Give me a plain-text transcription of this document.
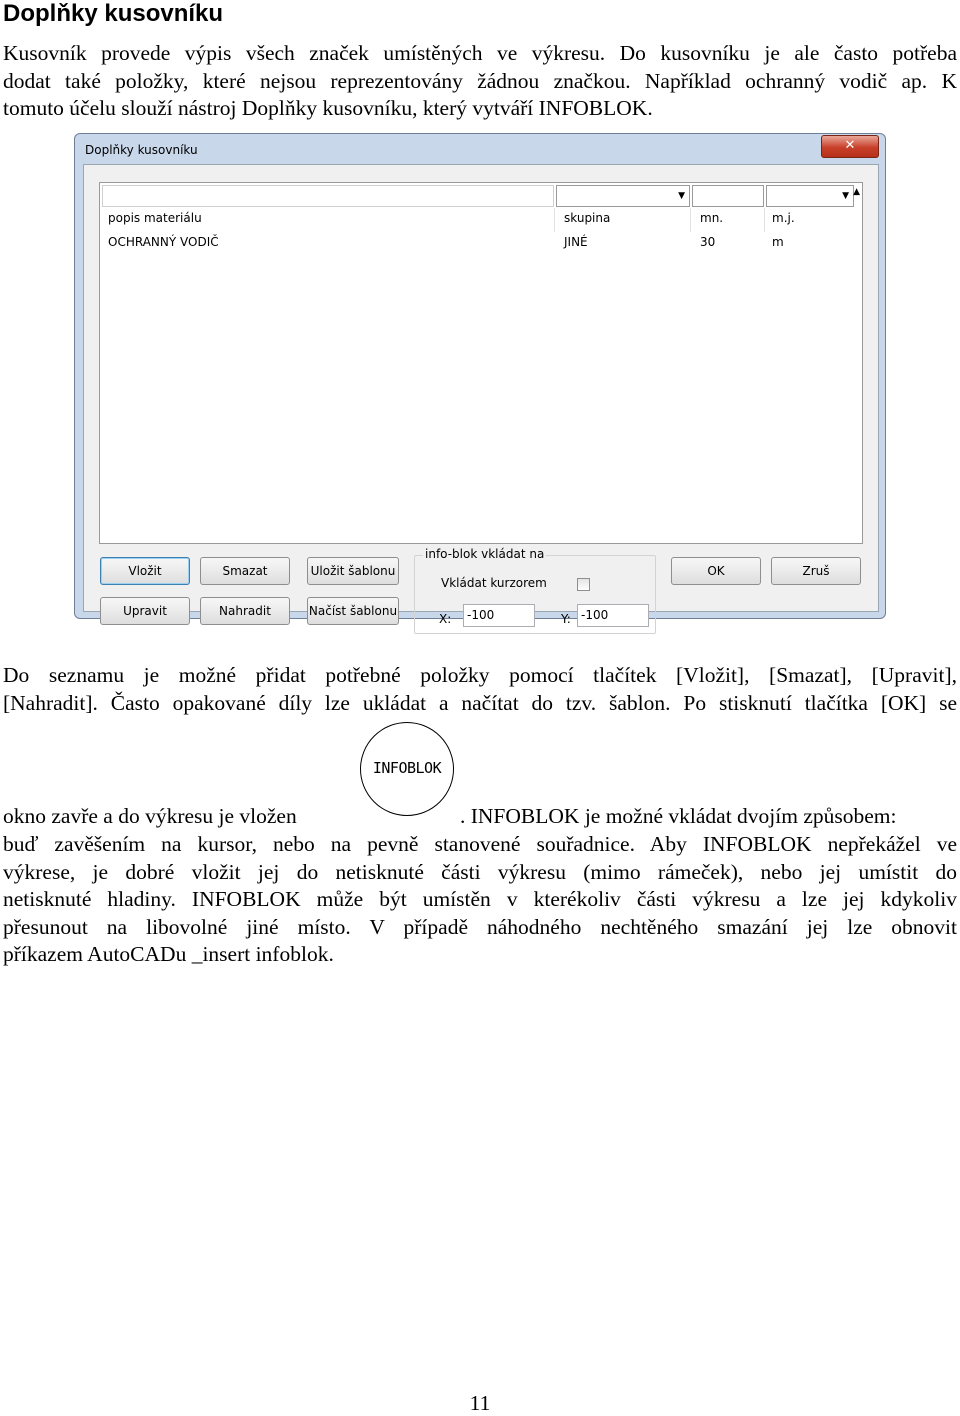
Doplňky kusovníku
Kusovník provede výpis všech značek umístěných ve výkresu. Do kusovníku je ale často potřeba
dodat také položky, které nejsou reprezentovány žádnou značkou. Například ochranný vodič ap. K
tomuto účelu slouží nástroj Doplňky kusovníku, který vytváří INFOBLOK.
Doplňky kusovníku	✕
▼	▼ ▲
popis materiálu	skupina	mn.	m.j.
OCHRANNÝ VODIČ	JINÉ	30	m
Vložit	Smazat	Uložit šablonu
Upravit	Nahradit	Načíst šablonu
OK	Zruš
info-blok vkládat na
Vkládat kurzorem
X:	-100	Y: -100
Do seznamu je možné přidat potřebné položky pomocí tlačítek [Vložit], [Smazat], [Upravit],
[Nahradit]. Často opakované díly lze ukládat a načítat do tzv. šablon. Po stisknutí tlačítka [OK] se
INFOBLOK
okno zavře a do výkresu je vložen	. INFOBLOK je možné vkládat dvojím způsobem:
buď zavěšením na kursor, nebo na pevně stanovené souřadnice. Aby INFOBLOK nepřekážel ve
výkrese, je dobré vložit jej do netisknuté části výkresu (mimo rámeček), nebo jej umístit do
netisknuté hladiny. INFOBLOK může být umístěn v kterékoliv části výkresu a lze jej kdykoliv
přesunout na libovolné jiné místo. V případě náhodného nechtěného smazání jej lze obnovit
příkazem AutoCADu _insert infoblok.
11
